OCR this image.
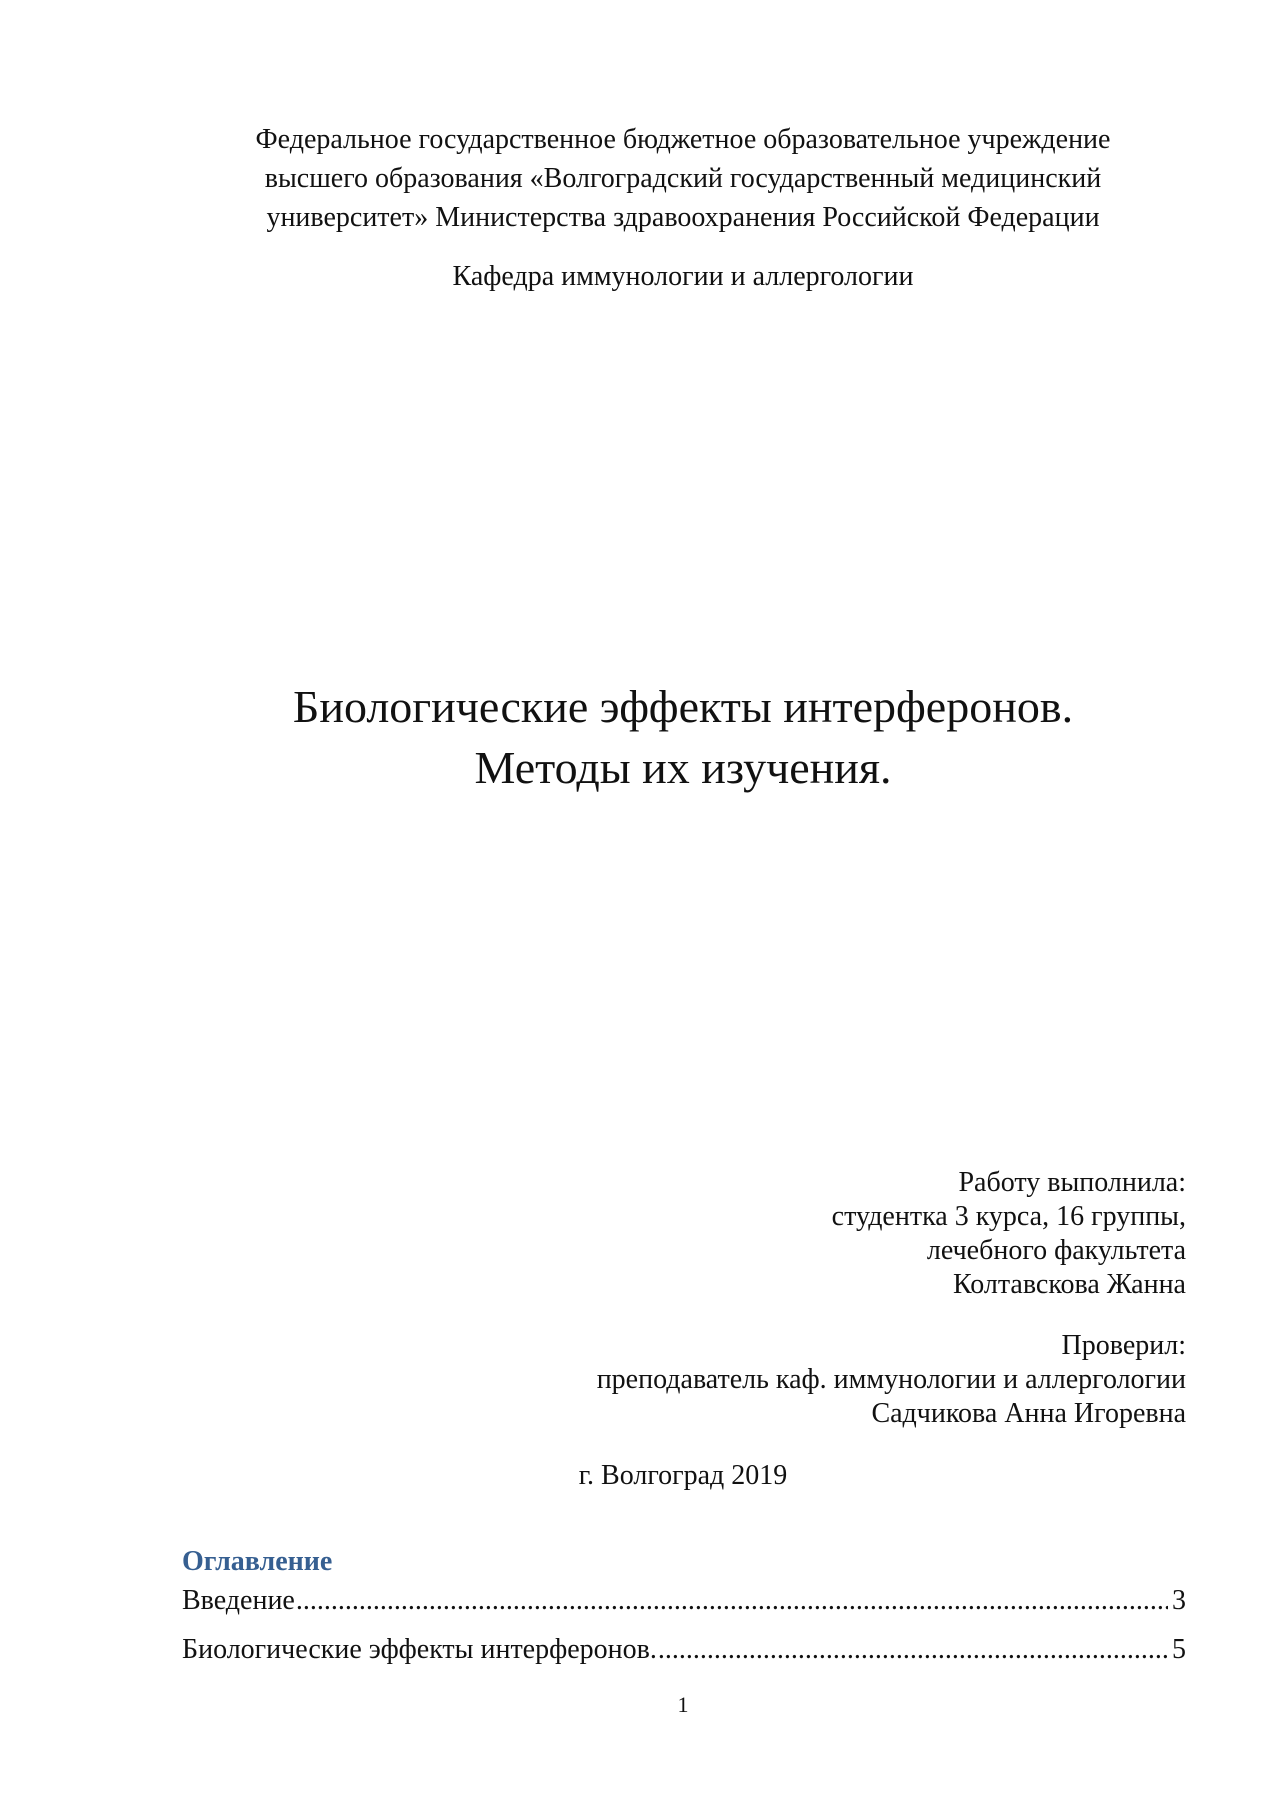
Федеральное государственное бюджетное образовательное учреждение
высшего образования «Волгоградский государственный медицинский
университет» Министерства здравоохранения Российской Федерации
Кафедра иммунологии и аллергологии
Биологические эффекты интерферонов.
Методы их изучения.
Работу выполнила:
студентка 3 курса, 16 группы,
лечебного факультета
Колтавскова Жанна
Проверил:
преподаватель каф. иммунологии и аллергологии
Садчикова Анна Игоревна
г. Волгоград 2019
Оглавление
Введение .....	3
Биологические эффекты интерферонов. .....	5
1
